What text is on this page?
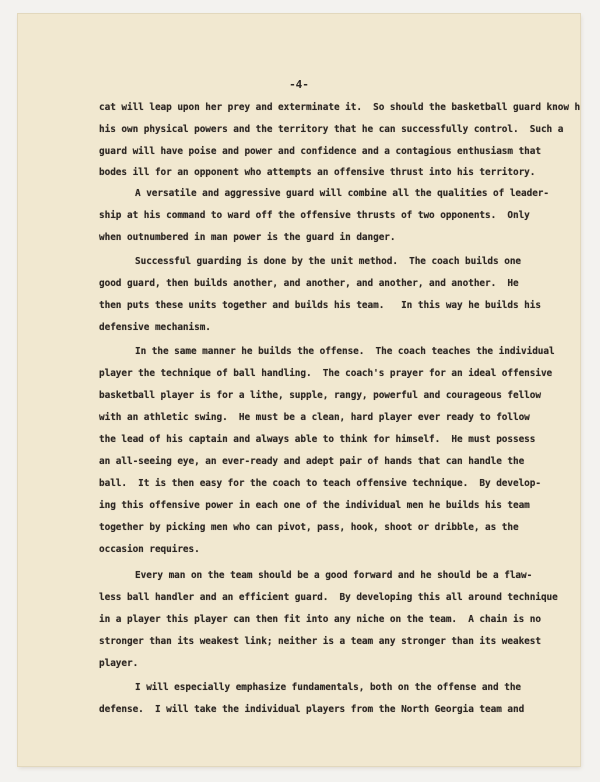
-4-
cat will leap upon her prey and exterminate it.  So should the basketball guard know h
his own physical powers and the territory that he can successfully control.  Such a
guard will have poise and power and confidence and a contagious enthusiasm that
bodes ill for an opponent who attempts an offensive thrust into his territory.
A versatile and aggressive guard will combine all the qualities of leader-
ship at his command to ward off the offensive thrusts of two opponents.  Only
when outnumbered in man power is the guard in danger.
Successful guarding is done by the unit method.  The coach builds one
good guard, then builds another, and another, and another, and another.  He
then puts these units together and builds his team.   In this way he builds his
defensive mechanism.
In the same manner he builds the offense.  The coach teaches the individual
player the technique of ball handling.  The coach's prayer for an ideal offensive
basketball player is for a lithe, supple, rangy, powerful and courageous fellow
with an athletic swing.  He must be a clean, hard player ever ready to follow
the lead of his captain and always able to think for himself.  He must possess
an all-seeing eye, an ever-ready and adept pair of hands that can handle the
ball.  It is then easy for the coach to teach offensive technique.  By develop-
ing this offensive power in each one of the individual men he builds his team
together by picking men who can pivot, pass, hook, shoot or dribble, as the
occasion requires.
Every man on the team should be a good forward and he should be a flaw-
less ball handler and an efficient guard.  By developing this all around technique
in a player this player can then fit into any niche on the team.  A chain is no
stronger than its weakest link; neither is a team any stronger than its weakest
player.
I will especially emphasize fundamentals, both on the offense and the
defense.  I will take the individual players from the North Georgia team and
